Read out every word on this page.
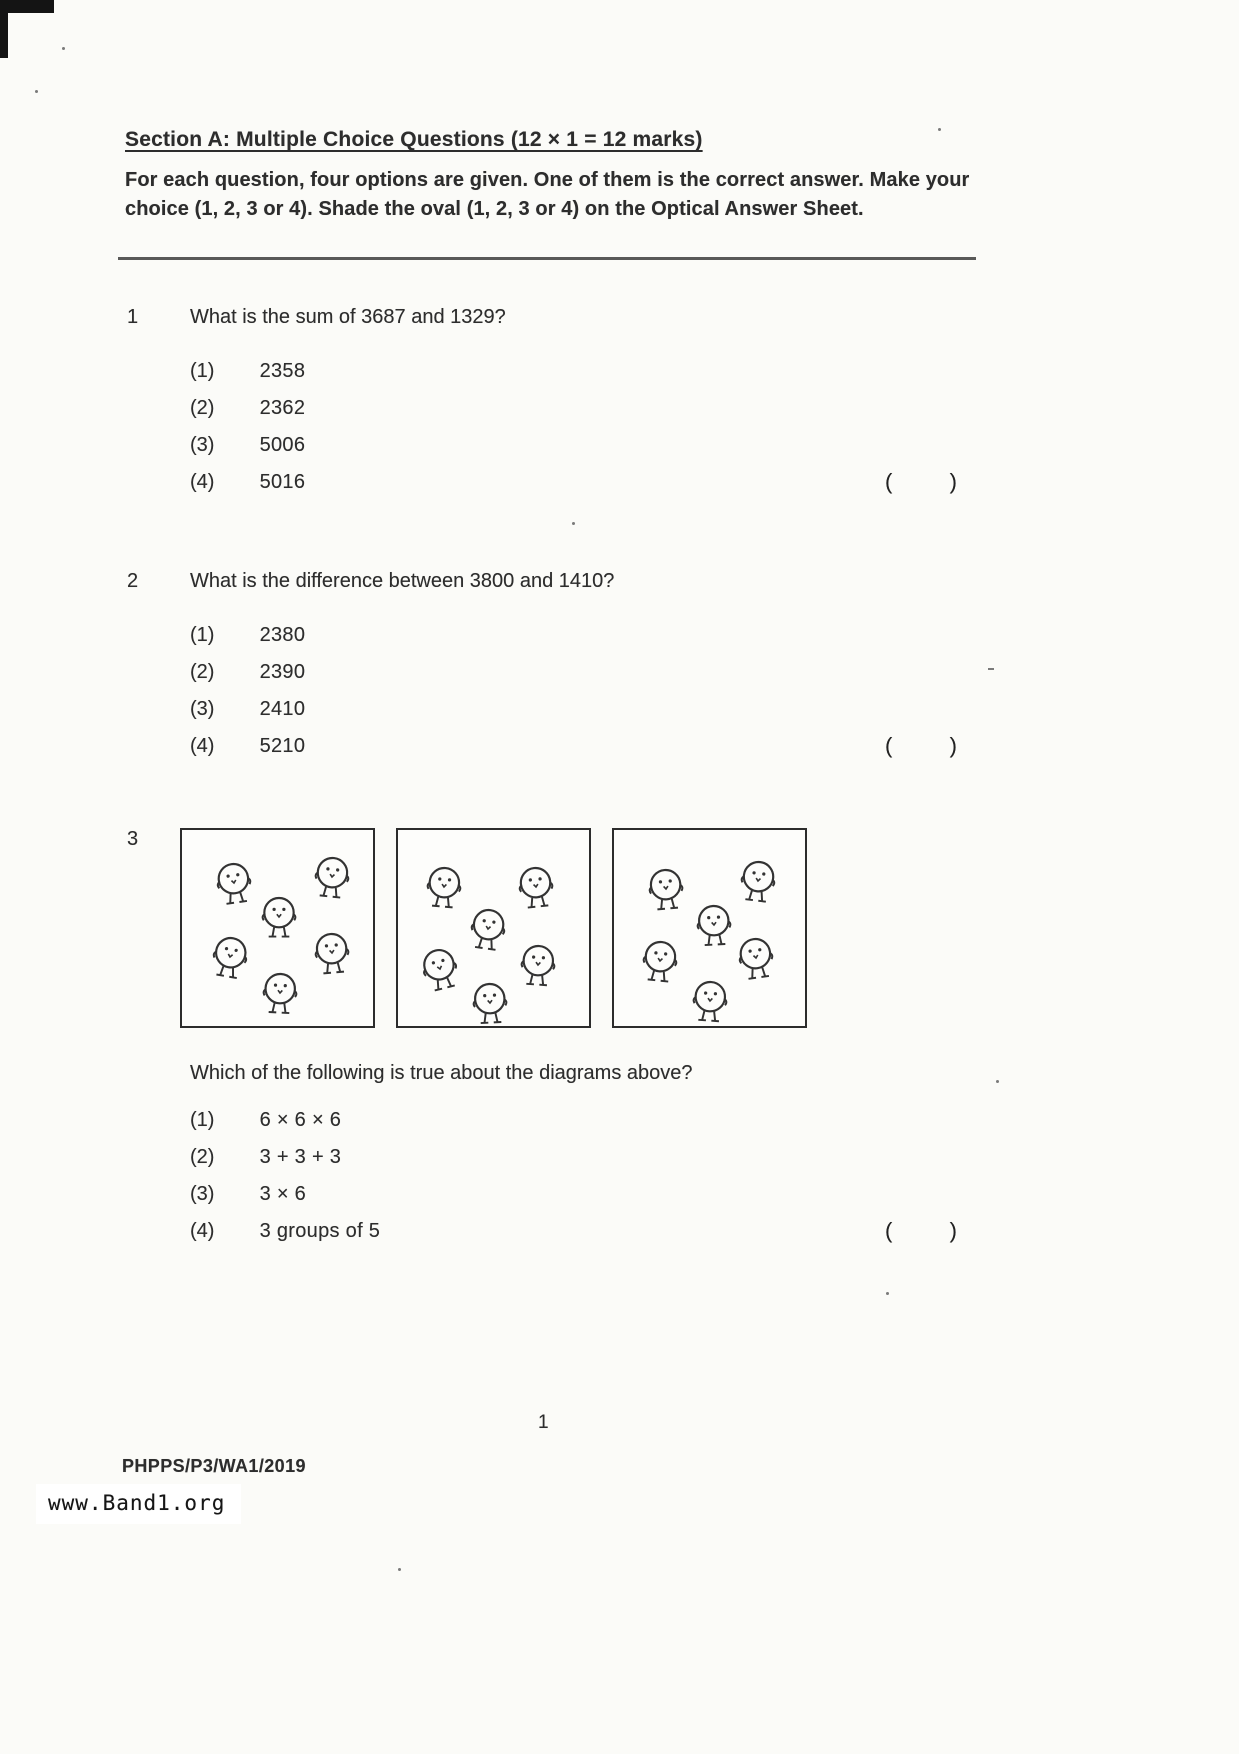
Section A: Multiple Choice Questions (12 × 1 = 12 marks)
For each question, four options are given. One of them is the correct answer. Make your choice (1, 2, 3 or 4). Shade the oval (1, 2, 3 or 4) on the Optical Answer Sheet.
1	What is the sum of 3687 and 1329?
(1) 2358
(2) 2362
(3) 5006
(4) 5016	(	)
2	What is the difference between 3800 and 1410?
(1) 2380
(2) 2390
(3) 2410
(4) 5210	(	)
3
Which of the following is true about the diagrams above?
(1) 6 × 6 × 6
(2) 3 + 3 + 3
(3) 3 × 6
(4) 3 groups of 5	(	)
1
PHPPS/P3/WA1/2019
www.Band1.org
